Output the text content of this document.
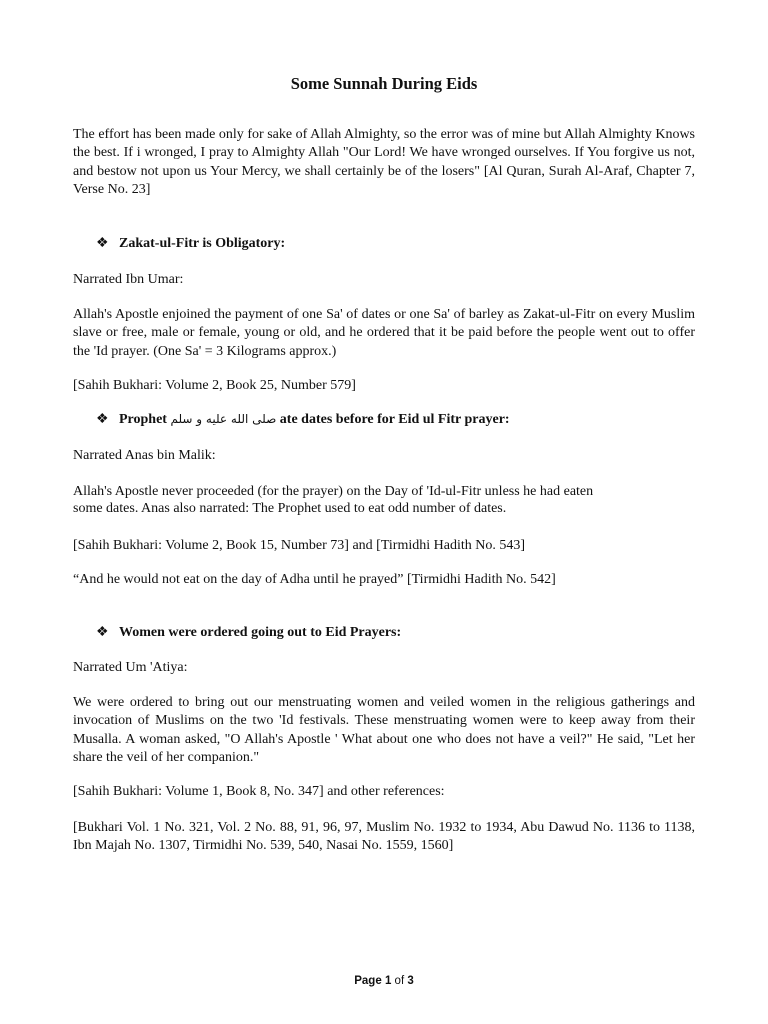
Some Sunnah During Eids

The effort has been made only for sake of Allah Almighty, so the error was of mine but Allah Almighty Knows the best. If i wronged, I pray to Almighty Allah "Our Lord! We have wronged ourselves. If You forgive us not, and bestow not upon us Your Mercy, we shall certainly be of the losers" [Al Quran, Surah Al-Araf, Chapter 7, Verse No. 23]

❖ Zakat-ul-Fitr is Obligatory:

Narrated Ibn Umar:

Allah's Apostle enjoined the payment of one Sa' of dates or one Sa' of barley as Zakat-ul-Fitr on every Muslim slave or free, male or female, young or old, and he ordered that it be paid before the people went out to offer the 'Id prayer. (One Sa' = 3 Kilograms approx.)

[Sahih Bukhari: Volume 2, Book 25, Number 579]

❖ Prophet صلى الله عليه و سلم ate dates before for Eid ul Fitr prayer:

Narrated Anas bin Malik:

Allah's Apostle never proceeded (for the prayer) on the Day of 'Id-ul-Fitr unless he had eaten

some dates. Anas also narrated: The Prophet used to eat odd number of dates.

[Sahih Bukhari: Volume 2, Book 15, Number 73] and [Tirmidhi Hadith No. 543]

“And he would not eat on the day of Adha until he prayed” [Tirmidhi Hadith No. 542]

❖ Women were ordered going out to Eid Prayers:

Narrated Um 'Atiya:

We were ordered to bring out our menstruating women and veiled women in the religious gatherings and invocation of Muslims on the two 'Id festivals. These menstruating women were to keep away from their Musalla. A woman asked, "O Allah's Apostle ' What about one who does not have a veil?" He said, "Let her share the veil of her companion."

[Sahih Bukhari: Volume 1, Book 8, No. 347] and other references:

[Bukhari Vol. 1 No. 321, Vol. 2 No. 88, 91, 96, 97, Muslim No. 1932 to 1934, Abu Dawud No. 1136 to 1138, Ibn Majah No. 1307, Tirmidhi No. 539, 540, Nasai No. 1559, 1560]

Page 1 of 3
